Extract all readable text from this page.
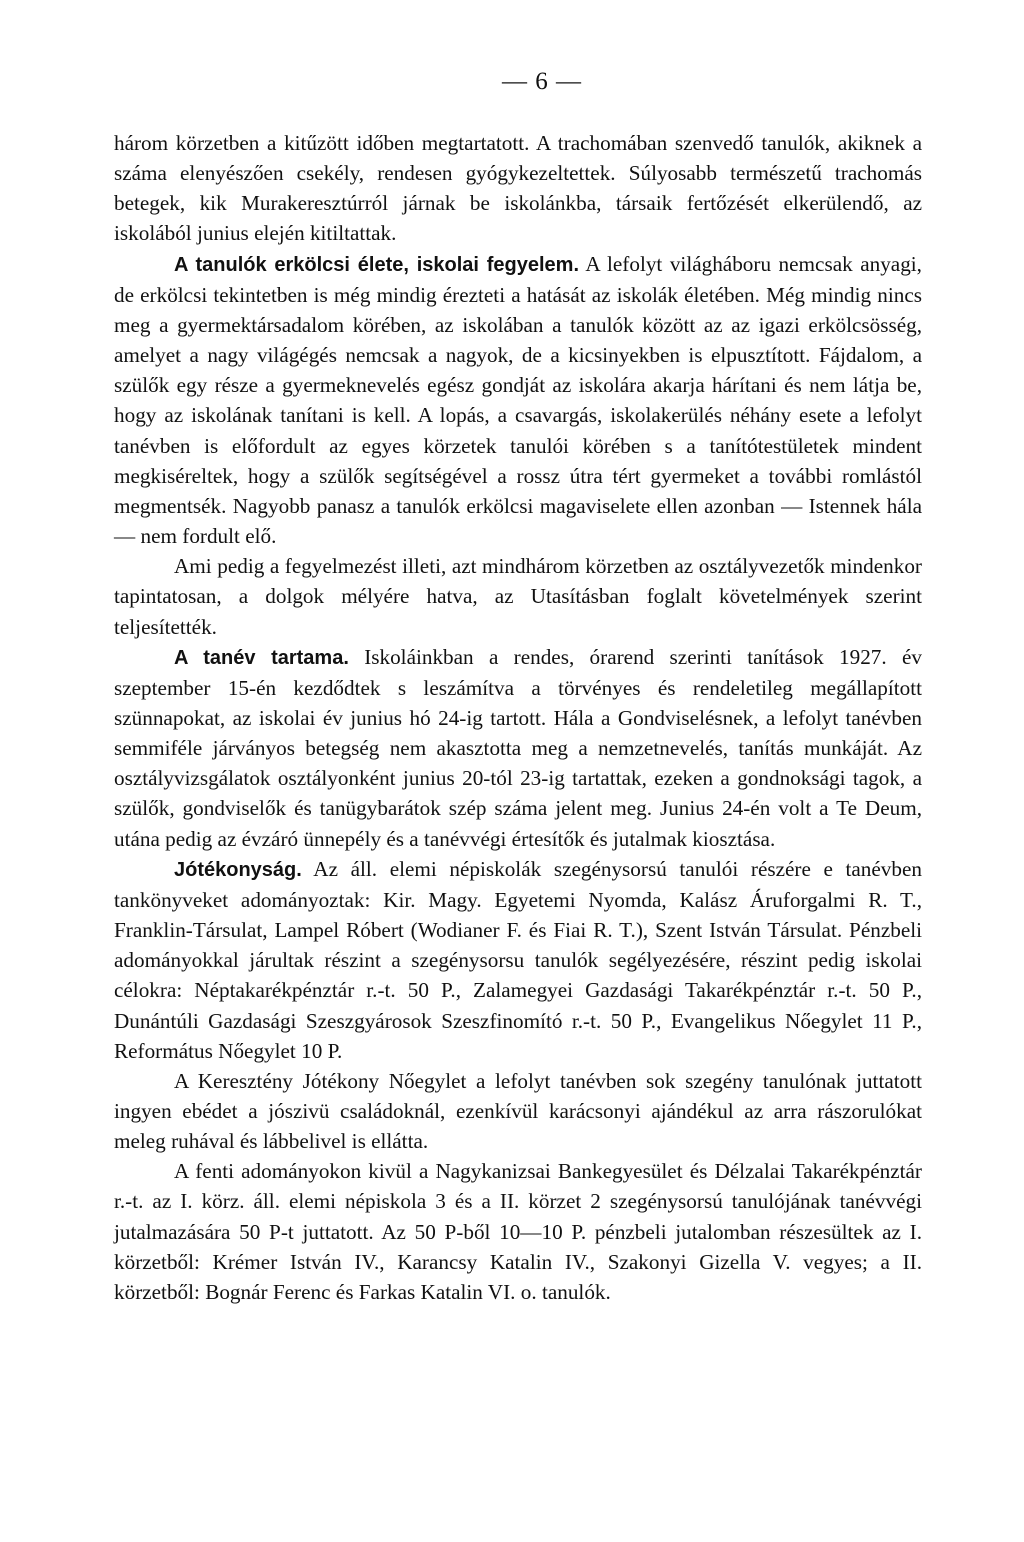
— 6 —

három körzetben a kitűzött időben megtartatott. A trachomában szenvedő tanulók, akiknek a száma elenyészően csekély, rendesen gyógykezeltettek. Súlyosabb természetű trachomás betegek, kik Murakeresztúrról járnak be iskolánkba, társaik fertőzését elkerülendő, az iskolából junius elején kitiltattak.

A tanulók erkölcsi élete, iskolai fegyelem. A lefolyt világháboru nemcsak anyagi, de erkölcsi tekintetben is még mindig érezteti a hatását az iskolák életében. Még mindig nincs meg a gyermektársadalom körében, az iskolában a tanulók között az az igazi erkölcsösség, amelyet a nagy világégés nemcsak a nagyok, de a kicsinyekben is elpusztított. Fájdalom, a szülők egy része a gyermeknevelés egész gondját az iskolára akarja hárítani és nem látja be, hogy az iskolának tanítani is kell. A lopás, a csavargás, iskolakerülés néhány esete a lefolyt tanévben is előfordult az egyes körzetek tanulói körében s a tanítótestületek mindent megkiséreltek, hogy a szülők segítségével a rossz útra tért gyermeket a további romlástól megmentsék. Nagyobb panasz a tanulók erkölcsi magaviselete ellen azonban — Istennek hála — nem fordult elő.

Ami pedig a fegyelmezést illeti, azt mindhárom körzetben az osztályvezetők mindenkor tapintatosan, a dolgok mélyére hatva, az Utasításban foglalt követelmények szerint teljesítették.

A tanév tartama. Iskoláinkban a rendes, órarend szerinti tanítások 1927. év szeptember 15-én kezdődtek s leszámítva a törvényes és rendeletileg megállapított szünnapokat, az iskolai év junius hó 24-ig tartott. Hála a Gondviselésnek, a lefolyt tanévben semmiféle járványos betegség nem akasztotta meg a nemzetnevelés, tanítás munkáját. Az osztályvizsgálatok osztályonként junius 20-tól 23-ig tartattak, ezeken a gondnoksági tagok, a szülők, gondviselők és tanügybarátok szép száma jelent meg. Junius 24-én volt a Te Deum, utána pedig az évzáró ünnepély és a tanévvégi értesítők és jutalmak kiosztása.

Jótékonyság. Az áll. elemi népiskolák szegénysorsú tanulói részére e tanévben tankönyveket adományoztak: Kir. Magy. Egyetemi Nyomda, Kalász Áruforgalmi R. T., Franklin-Társulat, Lampel Róbert (Wodianer F. és Fiai R. T.), Szent István Társulat. Pénzbeli adományokkal járultak részint a szegénysorsu tanulók segélyezésére, részint pedig iskolai célokra: Néptakarékpénztár r.-t. 50 P., Zalamegyei Gazdasági Takarékpénztár r.-t. 50 P., Dunántúli Gazdasági Szeszgyárosok Szeszfinomító r.-t. 50 P., Evangelikus Nőegylet 11 P., Református Nőegylet 10 P.

A Keresztény Jótékony Nőegylet a lefolyt tanévben sok szegény tanulónak juttatott ingyen ebédet a jószivü családoknál, ezenkívül karácsonyi ajándékul az arra rászorulókat meleg ruhával és lábbelivel is ellátta.

A fenti adományokon kivül a Nagykanizsai Bankegyesület és Délzalai Takarékpénztár r.-t. az I. körz. áll. elemi népiskola 3 és a II. körzet 2 szegénysorsú tanulójának tanévvégi jutalmazására 50 P-t juttatott. Az 50 P-ből 10—10 P. pénzbeli jutalomban részesültek az I. körzetből: Krémer István IV., Karancsy Katalin IV., Szakonyi Gizella V. vegyes; a II. körzetből: Bognár Ferenc és Farkas Katalin VI. o. tanulók.
